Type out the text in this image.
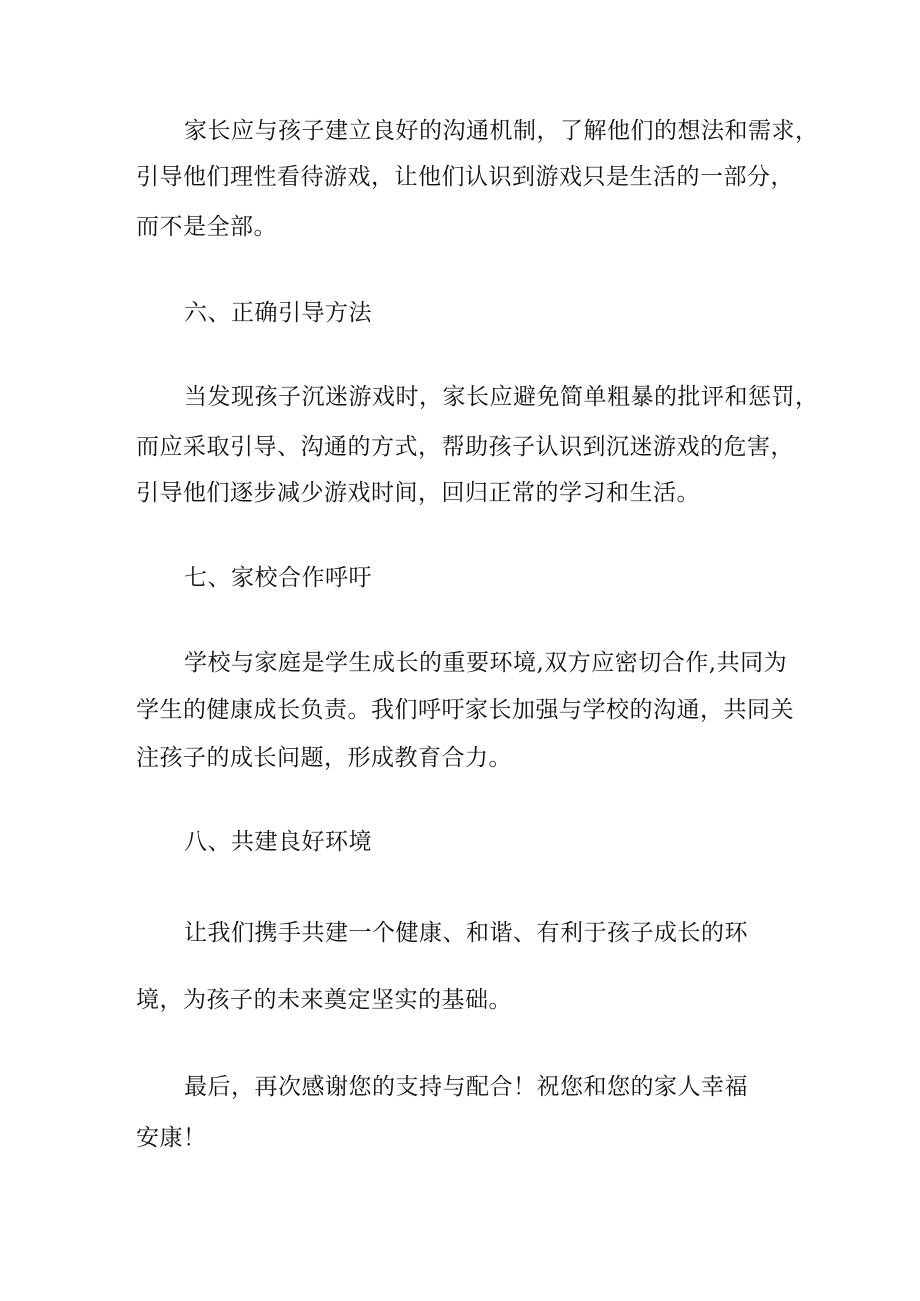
家长应与孩子建立良好的沟通机制，了解他们的想法和需求，
引导他们理性看待游戏，让他们认识到游戏只是生活的一部分，
而不是全部。
六、正确引导方法
当发现孩子沉迷游戏时，家长应避免简单粗暴的批评和惩罚，
而应采取引导、沟通的方式，帮助孩子认识到沉迷游戏的危害，
引导他们逐步减少游戏时间，回归正常的学习和生活。
七、家校合作呼吁
学校与家庭是学生成长的重要环境,双方应密切合作,共同为
学生的健康成长负责。我们呼吁家长加强与学校的沟通，共同关
注孩子的成长问题，形成教育合力。
八、共建良好环境
让我们携手共建一个健康、和谐、有利于孩子成长的环
境，为孩子的未来奠定坚实的基础。
最后，再次感谢您的支持与配合！祝您和您的家人幸福
安康！
